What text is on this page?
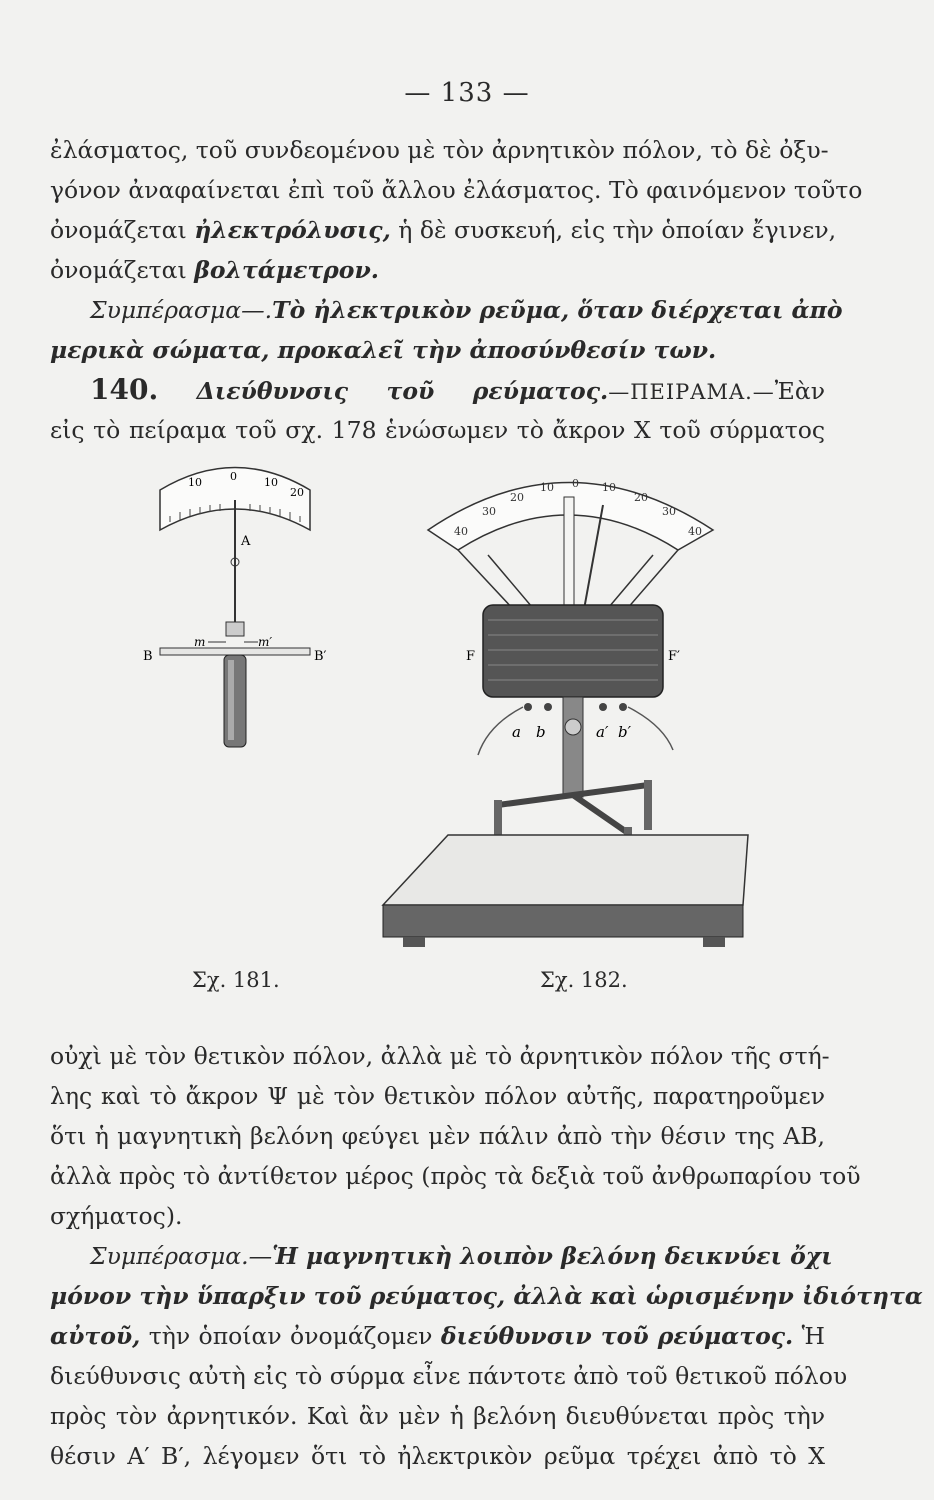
— 133 —
ἐλάσματος, τοῦ συνδεομένου μὲ τὸν ἀρνητικὸν πόλον, τὸ δὲ ὀξυ-
γόνον ἀναφαίνεται ἐπὶ τοῦ ἄλλου ἐλάσματος. Τὸ φαινόμενον τοῦτο
ὀνομάζεται ἠλεκτρόλυσις, ἡ δὲ συσκευή, εἰς τὴν ὁποίαν ἔγινεν,
ὀνομάζεται βολτάμετρον.
Συμπέρασμα—.Τὸ ἠλεκτρικὸν ρεῦμα, ὅταν διέρχεται ἀπὸ
μερικὰ σώματα, προκαλεῖ τὴν ἀποσύνθεσίν των.
140. Διεύθυνσις τοῦ ρεύματος.—ΠΕΙΡΑΜΑ.—Ἐὰν
εἰς τὸ πείραμα τοῦ σχ. 178 ἑνώσωμεν τὸ ἄκρον Χ τοῦ σύρματος
10	0 10
20
A
B	B′
m	m′
40
30
20
10 0 10
20
30
40
F	F′
a b	a′ b′
Σχ. 181.	Σχ. 182.
οὐχὶ μὲ τὸν θετικὸν πόλον, ἀλλὰ μὲ τὸ ἀρνητικὸν πόλον τῆς στή-
λης καὶ τὸ ἄκρον Ψ μὲ τὸν θετικὸν πόλον αὐτῆς, παρατηροῦμεν
ὅτι ἡ μαγνητικὴ βελόνη φεύγει μὲν πάλιν ἀπὸ τὴν θέσιν της ΑΒ,
ἀλλὰ πρὸς τὸ ἀντίθετον μέρος (πρὸς τὰ δεξιὰ τοῦ ἀνθρωπαρίου τοῦ
σχήματος).
Συμπέρασμα.—Ἡ μαγνητικὴ λοιπὸν βελόνη δεικνύει ὄχι
μόνον τὴν ὕπαρξιν τοῦ ρεύματος, ἀλλὰ καὶ ὡρισμένην ἰδιότητα
αὐτοῦ, τὴν ὁποίαν ὀνομάζομεν διεύθυνσιν τοῦ ρεύματος. Ἡ
διεύθυνσις αὐτὴ εἰς τὸ σύρμα εἶνε πάντοτε ἀπὸ τοῦ θετικοῦ πόλου
πρὸς τὸν ἀρνητικόν. Καὶ ἂν μὲν ἡ βελόνη διευθύνεται πρὸς τὴν
θέσιν Α′ Β′, λέγομεν ὅτι τὸ ἠλεκτρικὸν ρεῦμα τρέχει ἀπὸ τὸ Χ
